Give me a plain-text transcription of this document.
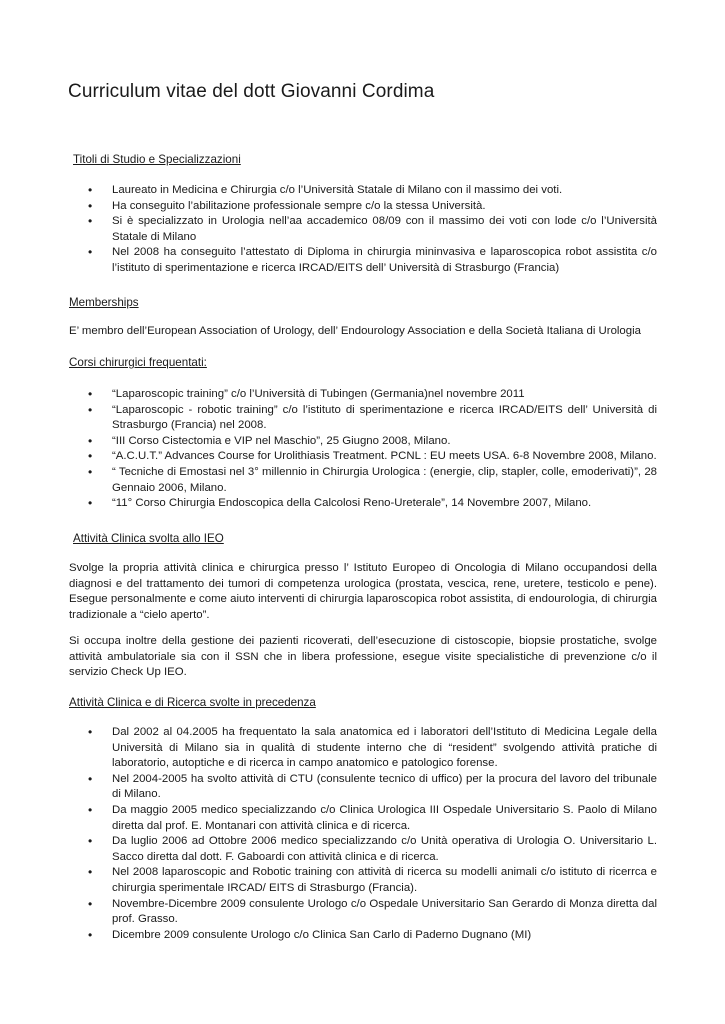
Curriculum vitae del dott Giovanni Cordima
Titoli di Studio e Specializzazioni
• Laureato in Medicina e Chirurgia c/o l’Università Statale di Milano con il massimo dei voti.
• Ha conseguito l’abilitazione professionale sempre c/o la stessa Università.
• Si è specializzato in Urologia nell’aa accademico 08/09 con il massimo dei voti con lode c/o l’Università Statale di Milano
• Nel 2008 ha conseguito l’attestato di Diploma in chirurgia mininvasiva e laparoscopica robot assistita c/o l’istituto di sperimentazione e ricerca IRCAD/EITS dell’ Università di Strasburgo (Francia)
Memberships

E’ membro dell’European Association of Urology, dell’ Endourology Association e della Società Italiana di Urologia

Corsi chirurgici frequentati:
• “Laparoscopic training” c/o l’Università di Tubingen (Germania)nel novembre 2011
• “Laparoscopic - robotic training” c/o l’istituto di sperimentazione e ricerca IRCAD/EITS dell’ Università di Strasburgo (Francia) nel 2008.
• “III Corso Cistectomia e VIP nel Maschio”, 25 Giugno 2008, Milano.
• “A.C.U.T.” Advances Course for Urolithiasis Treatment. PCNL : EU meets USA. 6-8 Novembre 2008, Milano.
• “ Tecniche di Emostasi nel 3° millennio in Chirurgia Urologica : (energie, clip, stapler, colle, emoderivati)”, 28 Gennaio 2006, Milano.
• “11° Corso Chirurgia Endoscopica della Calcolosi Reno-Ureterale”, 14 Novembre 2007, Milano.
Attività Clinica svolta allo IEO

Svolge la propria attività clinica e chirurgica presso l’ Istituto Europeo di Oncologia di Milano occupandosi della diagnosi e del trattamento dei tumori di competenza urologica (prostata, vescica, rene, uretere, testicolo e pene). Esegue personalmente e come aiuto interventi di chirurgia laparoscopica robot assistita, di endourologia, di chirurgia tradizionale a “cielo aperto”.

Si occupa inoltre della gestione dei pazienti ricoverati, dell’esecuzione di cistoscopie, biopsie prostatiche, svolge attività ambulatoriale sia con il SSN che in libera professione, esegue visite specialistiche di prevenzione c/o il servizio Check Up IEO.

Attività Clinica e di Ricerca svolte in precedenza
• Dal 2002 al 04.2005 ha frequentato la sala anatomica ed i laboratori dell’Istituto di Medicina Legale della Università di Milano sia in qualità di studente interno che di “resident” svolgendo attività pratiche di laboratorio, autoptiche e di ricerca in campo anatomico e patologico forense.
• Nel 2004-2005 ha svolto attività di CTU (consulente tecnico di uffico) per la procura del lavoro del tribunale di Milano.
• Da maggio 2005 medico specializzando c/o Clinica Urologica III Ospedale Universitario S. Paolo di Milano diretta dal prof. E. Montanari con attività clinica e di ricerca.
• Da luglio 2006 ad Ottobre 2006 medico specializzando c/o Unità operativa di Urologia O. Universitario L. Sacco diretta dal dott. F. Gaboardi con attività clinica e di ricerca.
• Nel 2008 laparoscopic and Robotic training con attività di ricerca su modelli animali c/o istituto di ricerrca e chirurgia sperimentale IRCAD/ EITS di Strasburgo (Francia).
• Novembre-Dicembre 2009 consulente Urologo c/o Ospedale Universitario San Gerardo di Monza diretta dal prof. Grasso.
• Dicembre 2009 consulente Urologo c/o Clinica San Carlo di Paderno Dugnano (MI)
